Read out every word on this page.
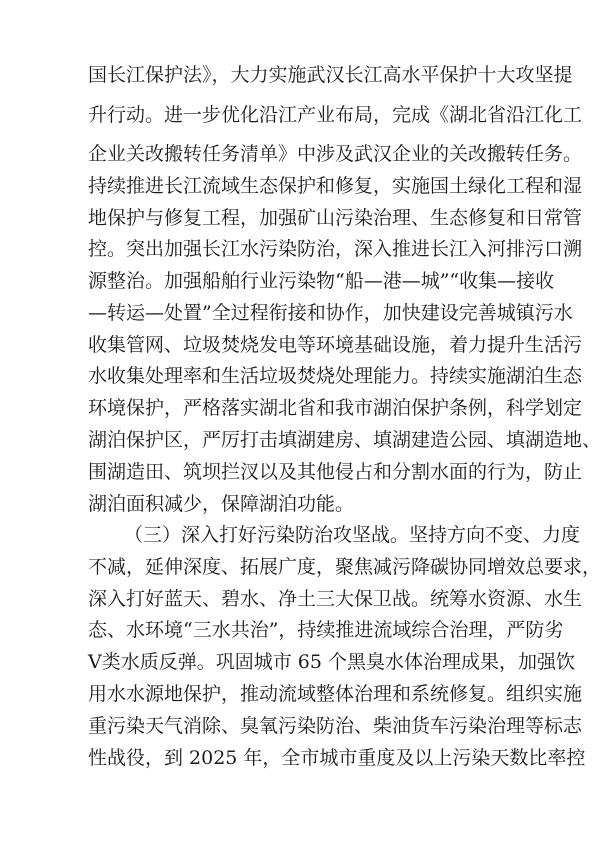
国长江保护法》，大力实施武汉长江高水平保护十大攻坚提
升行动。进一步优化沿江产业布局，完成《湖北省沿江化工
企业关改搬转任务清单》中涉及武汉企业的关改搬转任务。
持续推进长江流域生态保护和修复，实施国土绿化工程和湿
地保护与修复工程，加强矿山污染治理、生态修复和日常管
控。突出加强长江水污染防治，深入推进长江入河排污口溯
源整治。加强船舶行业污染物“船—港—城”“收集—接收
—转运—处置”全过程衔接和协作，加快建设完善城镇污水
收集管网、垃圾焚烧发电等环境基础设施，着力提升生活污
水收集处理率和生活垃圾焚烧处理能力。持续实施湖泊生态
环境保护，严格落实湖北省和我市湖泊保护条例，科学划定
湖泊保护区，严厉打击填湖建房、填湖建造公园、填湖造地、
围湖造田、筑坝拦汊以及其他侵占和分割水面的行为，防止
湖泊面积减少，保障湖泊功能。
（三）深入打好污染防治攻坚战。坚持方向不变、力度
不减，延伸深度、拓展广度，聚焦减污降碳协同增效总要求，
深入打好蓝天、碧水、净土三大保卫战。统筹水资源、水生
态、水环境“三水共治”，持续推进流域综合治理，严防劣
Ⅴ类水质反弹。巩固城市 65 个黑臭水体治理成果，加强饮
用水水源地保护，推动流域整体治理和系统修复。组织实施
重污染天气消除、臭氧污染防治、柴油货车污染治理等标志
性战役，到 2025 年，全市城市重度及以上污染天数比率控
